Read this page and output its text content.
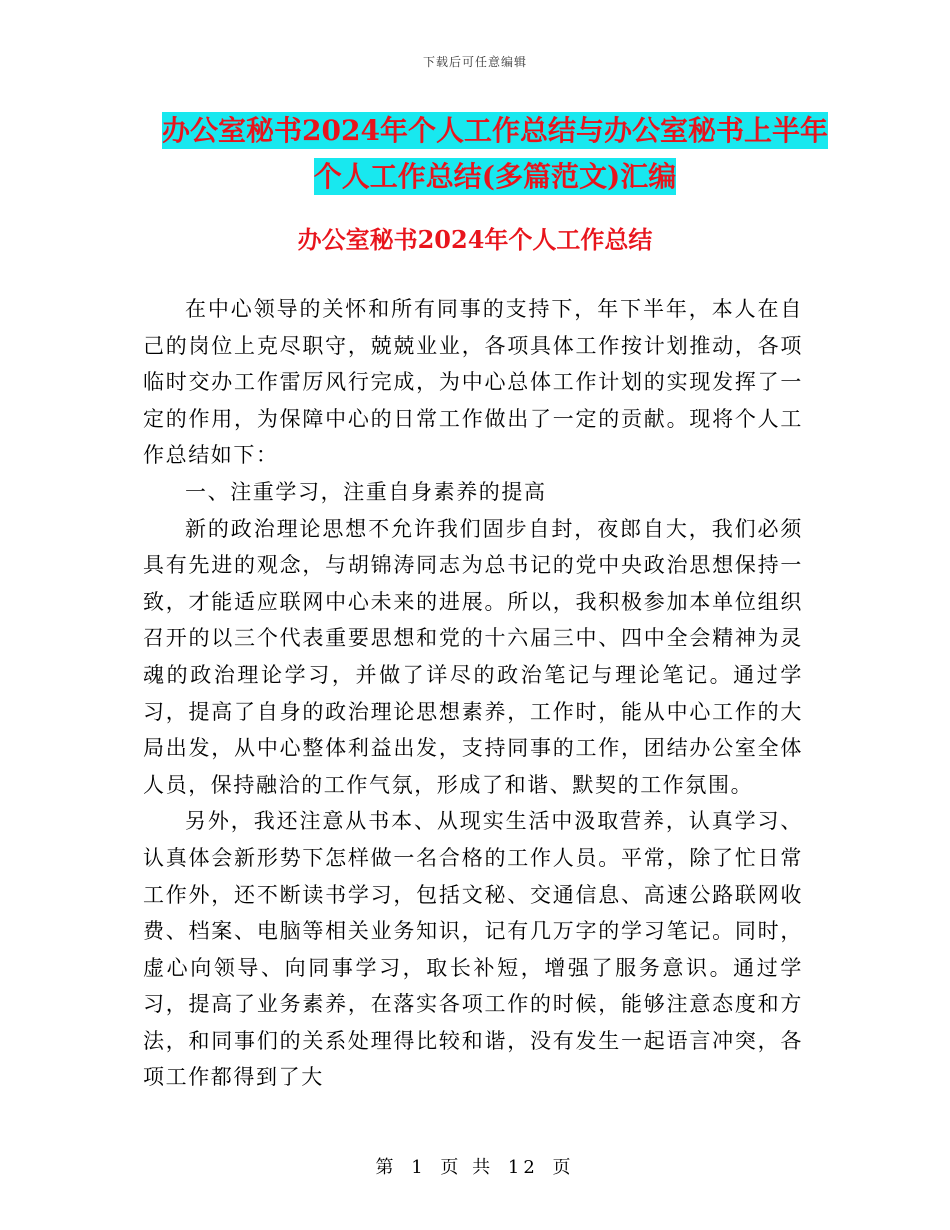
下载后可任意编辑
办公室秘书2024年个人工作总结与办公室秘书上半年
个人工作总结(多篇范文)汇编
办公室秘书2024年个人工作总结

在中心领导的关怀和所有同事的支持下，年下半年，本人在自己的岗位上克尽职守，兢兢业业，各项具体工作按计划推动，各项临时交办工作雷厉风行完成，为中心总体工作计划的实现发挥了一定的作用，为保障中心的日常工作做出了一定的贡献。现将个人工作总结如下：

一、注重学习，注重自身素养的提高

新的政治理论思想不允许我们固步自封，夜郎自大，我们必须具有先进的观念，与胡锦涛同志为总书记的党中央政治思想保持一致，才能适应联网中心未来的进展。所以，我积极参加本单位组织召开的以三个代表重要思想和党的十六届三中、四中全会精神为灵魂的政治理论学习，并做了详尽的政治笔记与理论笔记。通过学习，提高了自身的政治理论思想素养，工作时，能从中心工作的大局出发，从中心整体利益出发，支持同事的工作，团结办公室全体人员，保持融洽的工作气氛，形成了和谐、默契的工作氛围。

另外，我还注意从书本、从现实生活中汲取营养，认真学习、认真体会新形势下怎样做一名合格的工作人员。平常，除了忙日常工作外，还不断读书学习，包括文秘、交通信息、高速公路联网收费、档案、电脑等相关业务知识，记有几万字的学习笔记。同时，虚心向领导、向同事学习，取长补短，增强了服务意识。通过学习，提高了业务素养，在落实各项工作的时候，能够注意态度和方法，和同事们的关系处理得比较和谐，没有发生一起语言冲突，各项工作都得到了大

第 1 页 共 12 页
